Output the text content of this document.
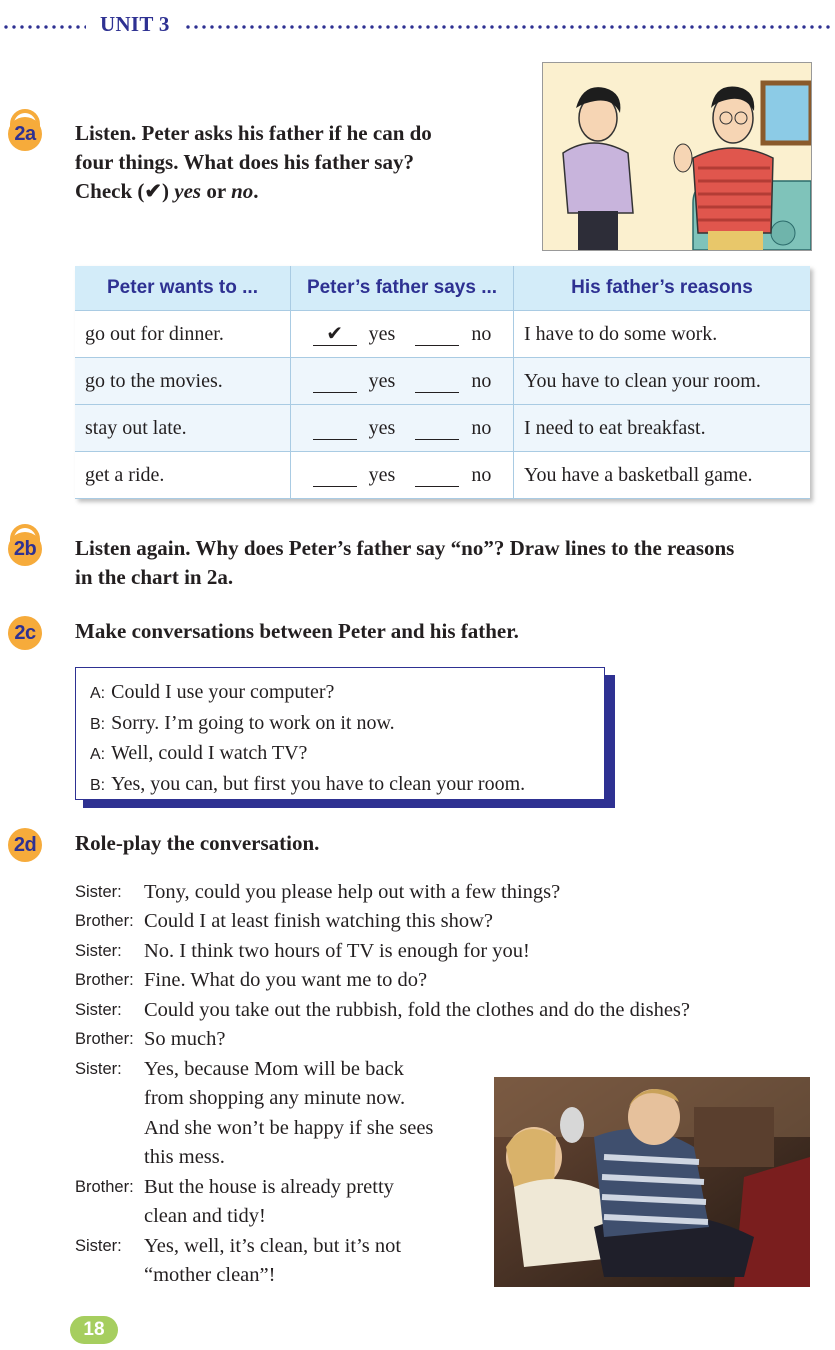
UNIT 3
2a	Listen. Peter asks his father if he can do
four things. What does his father say?
Check (✔) yes or no.
Peter wants to ...	Peter’s father says ...	His father’s reasons
go out for dinner.	✔ yes no	I have to do some work.
go to the movies.	yes no	You have to clean your room.
stay out late.	yes no	I need to eat breakfast.
get a ride.	yes no	You have a basketball game.
2b Listen again. Why does Peter’s father say “no”? Draw lines to the reasons
in the chart in 2a.
2c	Make conversations between Peter and his father.
A: Could I use your computer?
B: Sorry. I’m going to work on it now.
A: Well, could I watch TV?
B: Yes, you can, but first you have to clean your room.
2d Role-play the conversation.
Sister: Tony, could you please help out with a few things?
Brother: Could I at least finish watching this show?
Sister: No. I think two hours of TV is enough for you!
Brother: Fine. What do you want me to do?
Sister: Could you take out the rubbish, fold the clothes and do the dishes?
Brother: So much?
Sister: Yes, because Mom will be back
from shopping any minute now.
And she won’t be happy if she sees
this mess.
Brother: But the house is already pretty
clean and tidy!
Sister: Yes, well, it’s clean, but it’s not
“mother clean”!
18
